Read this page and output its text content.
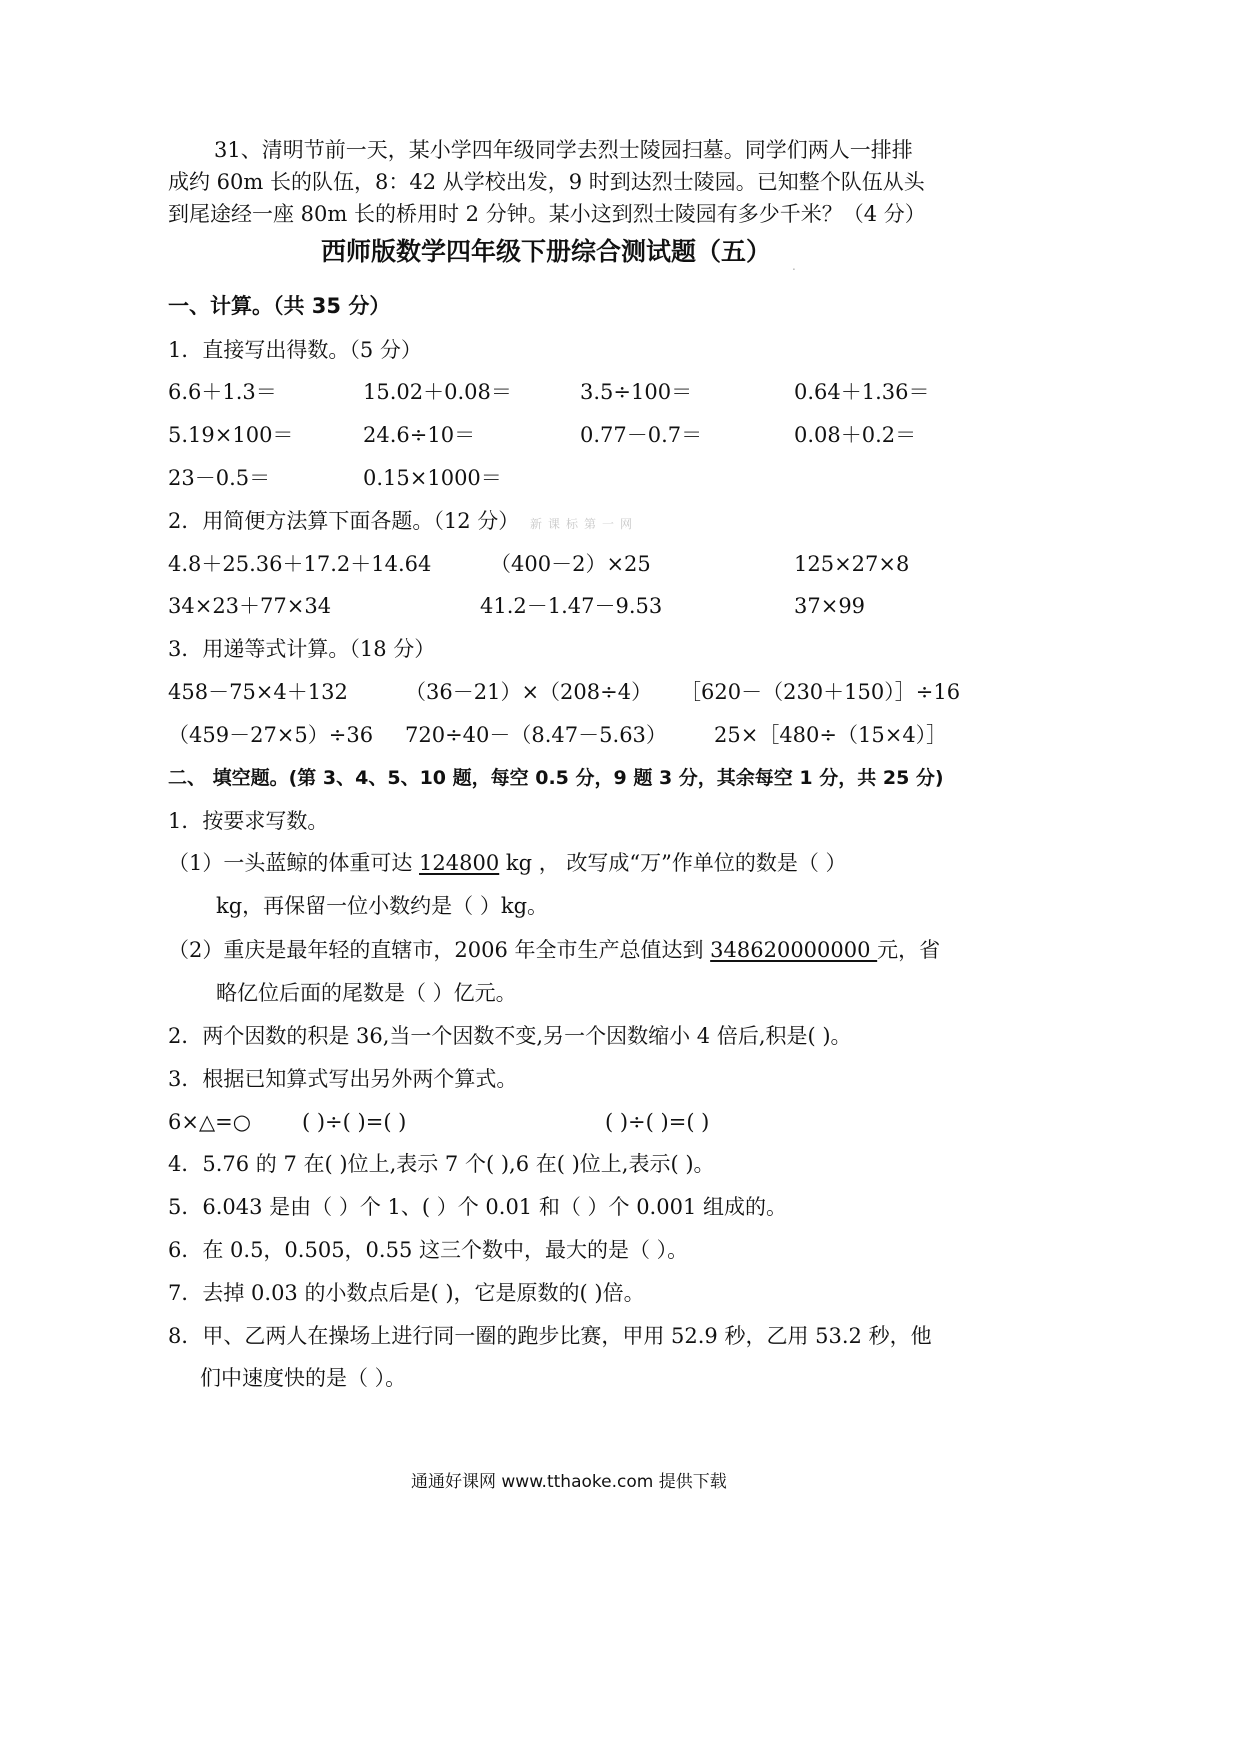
31、清明节前一天，某小学四年级同学去烈士陵园扫墓。同学们两人一排排
成约 60m 长的队伍，8：42 从学校出发，9 时到达烈士陵园。已知整个队伍从头
到尾途经一座 80m 长的桥用时 2 分钟。某小这到烈士陵园有多少千米？（4 分）
西师版数学四年级下册综合测试题（五） .
一、计算。（共 35 分）
1．直接写出得数。（5 分）
6.6＋1.3＝	15.02＋0.08＝	3.5÷100＝	0.64＋1.36＝
5.19×100＝	24.6÷10＝	0.77－0.7＝	0.08＋0.2＝
23－0.5＝	0.15×1000＝
2．用简便方法算下面各题。（12 分） 新课标第一网
4.8＋25.36＋17.2＋14.64	（400－2）×25	125×27×8
34×23＋77×34	41.2－1.47－9.53	37×99
3．用递等式计算。（18 分）
458－75×4＋132	（36－21）×（208÷4） ［620－（230＋150）］÷16
（459－27×5）÷36 720÷40－（8.47－5.63） 25×［480÷（15×4）］
二、 填空题。(第 3、4、5、10 题，每空 0.5 分，9 题 3 分，其余每空 1 分，共 25 分)
1．按要求写数。
（1）一头蓝鲸的体重可达 124800 kg ， 改写成“万”作单位的数是（ ）
kg，再保留一位小数约是（ ）kg。
（2）重庆是最年轻的直辖市，2006 年全市生产总值达到 348620000000 元，省
略亿位后面的尾数是（ ）亿元。
2．两个因数的积是 36,当一个因数不变,另一个因数缩小 4 倍后,积是( )。
3．根据已知算式写出另外两个算式。
6×△=○ ( )÷( )=( )	( )÷( )=( )
4．5.76 的 7 在( )位上,表示 7 个( ),6 在( )位上,表示( )。
5．6.043 是由（ ）个 1、( ）个 0.01 和（ ）个 0.001 组成的。
6．在 0.5，0.505，0.55 这三个数中，最大的是（ ）。
7．去掉 0.03 的小数点后是( )，它是原数的( )倍。
8．甲、乙两人在操场上进行同一圈的跑步比赛，甲用 52.9 秒，乙用 53.2 秒，他
们中速度快的是（ ）。
通通好课网 www.tthaoke.com 提供下载
